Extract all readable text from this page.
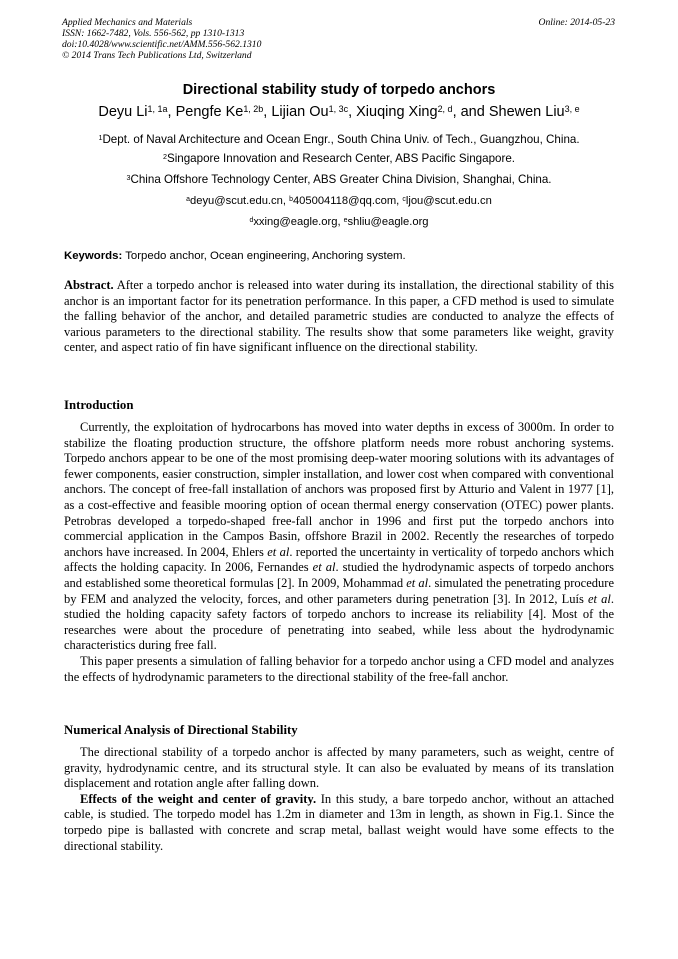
Applied Mechanics and Materials
ISSN: 1662-7482, Vols. 556-562, pp 1310-1313
doi:10.4028/www.scientific.net/AMM.556-562.1310
© 2014 Trans Tech Publications Ltd, Switzerland
Online: 2014-05-23
Directional stability study of torpedo anchors
Deyu $Li^{1, 1a}$, Pengfe $Ke^{1, 2b}$, Lijian $Ou^{1, 3c}$, Xiuqing Xing$^{2, d}$, and Shewen Liu$^{3, e}$
$^1$Dept. of Naval Architecture and Ocean Engr., South China Univ. of Tech., Guangzhou, China.
$^2$Singapore Innovation and Research Center, ABS Pacific Singapore.
$^3$China Offshore Technology Center, ABS Greater China Division, Shanghai, China.
$^a$deyu@scut.edu.cn, $^b$405004118@qq.com, $^c$ljou@scut.edu.cn
$^d$xxing@eagle.org, $^e$shliu@eagle.org
Keywords: Torpedo anchor, Ocean engineering, Anchoring system.

Abstract. After a torpedo anchor is released into water during its installation, the directional stability of this anchor is an important factor for its penetration performance. In this paper, a CFD method is used to simulate the falling behavior of the anchor, and detailed parametric studies are conducted to analyze the effects of various parameters to the directional stability. The results show that some parameters like weight, gravity center, and aspect ratio of fin have significant influence on the directional stability.

Introduction

Currently, the exploitation of hydrocarbons has moved into water depths in excess of 3000m. In order to stabilize the floating production structure, the offshore platform needs more robust anchoring systems. Torpedo anchors appear to be one of the most promising deep-water mooring solutions with its advantages of fewer components, easier construction, simpler installation, and lower cost when compared with conventional anchors. The concept of free-fall installation of anchors was proposed first by Atturio and Valent in 1977 [1], as a cost-effective and feasible mooring option of ocean thermal energy conservation (OTEC) power plants. Petrobras developed a torpedo-shaped free-fall anchor in 1996 and first put the torpedo anchors into commercial application in the Campos Basin, offshore Brazil in 2002. Recently the researches of torpedo anchors have increased. In 2004, Ehlers et al. reported the uncertainty in verticality of torpedo anchors which affects the holding capacity. In 2006, Fernandes et al. studied the hydrodynamic aspects of torpedo anchors and established some theoretical formulas [2]. In 2009, Mohammad et al. simulated the penetrating procedure by FEM and analyzed the velocity, forces, and other parameters during penetration [3]. In 2012, Luís et al. studied the holding capacity safety factors of torpedo anchors to increase its reliability [4]. Most of the researches were about the procedure of penetrating into seabed, while less about the hydrodynamic characteristics during free fall.

This paper presents a simulation of falling behavior for a torpedo anchor using a CFD model and analyzes the effects of hydrodynamic parameters to the directional stability of the free-fall anchor.

Numerical Analysis of Directional Stability

The directional stability of a torpedo anchor is affected by many parameters, such as weight, centre of gravity, hydrodynamic centre, and its structural style. It can also be evaluated by means of its translation displacement and rotation angle after falling down.

Effects of the weight and center of gravity. In this study, a bare torpedo anchor, without an attached cable, is studied. The torpedo model has 1.2m in diameter and 13m in length, as shown in Fig.1. Since the torpedo pipe is ballasted with concrete and scrap metal, ballast weight would have some effects to the directional stability.
